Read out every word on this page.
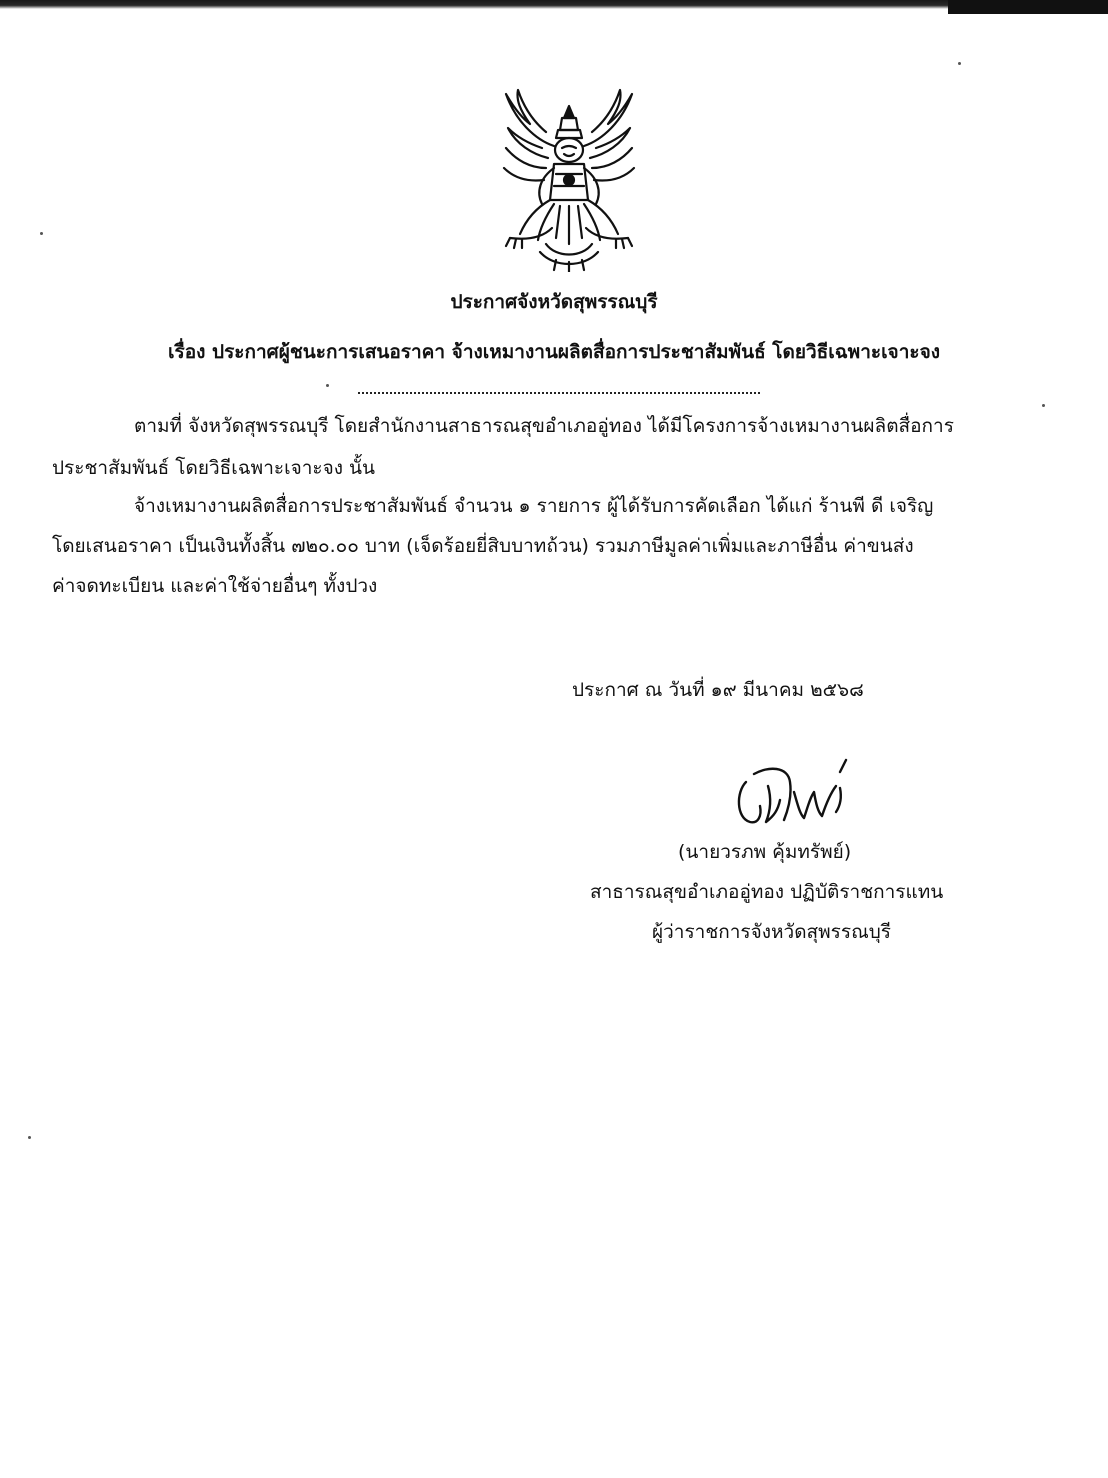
ประกาศจังหวัดสุพรรณบุรี
เรื่อง ประกาศผู้ชนะการเสนอราคา จ้างเหมางานผลิตสื่อการประชาสัมพันธ์ โดยวิธีเฉพาะเจาะจง
ตามที่ จังหวัดสุพรรณบุรี โดยสำนักงานสาธารณสุขอำเภออู่ทอง ได้มีโครงการจ้างเหมางานผลิตสื่อการ
ประชาสัมพันธ์ โดยวิธีเฉพาะเจาะจง นั้น
จ้างเหมางานผลิตสื่อการประชาสัมพันธ์ จำนวน ๑ รายการ ผู้ได้รับการคัดเลือก ได้แก่ ร้านพี ดี เจริญ
โดยเสนอราคา เป็นเงินทั้งสิ้น ๗๒๐.๐๐ บาท (เจ็ดร้อยยี่สิบบาทถ้วน) รวมภาษีมูลค่าเพิ่มและภาษีอื่น ค่าขนส่ง
ค่าจดทะเบียน และค่าใช้จ่ายอื่นๆ ทั้งปวง
ประกาศ ณ วันที่ ๑๙ มีนาคม ๒๕๖๘
(นายวรภพ คุ้มทรัพย์)
สาธารณสุขอำเภออู่ทอง ปฏิบัติราชการแทน
ผู้ว่าราชการจังหวัดสุพรรณบุรี
